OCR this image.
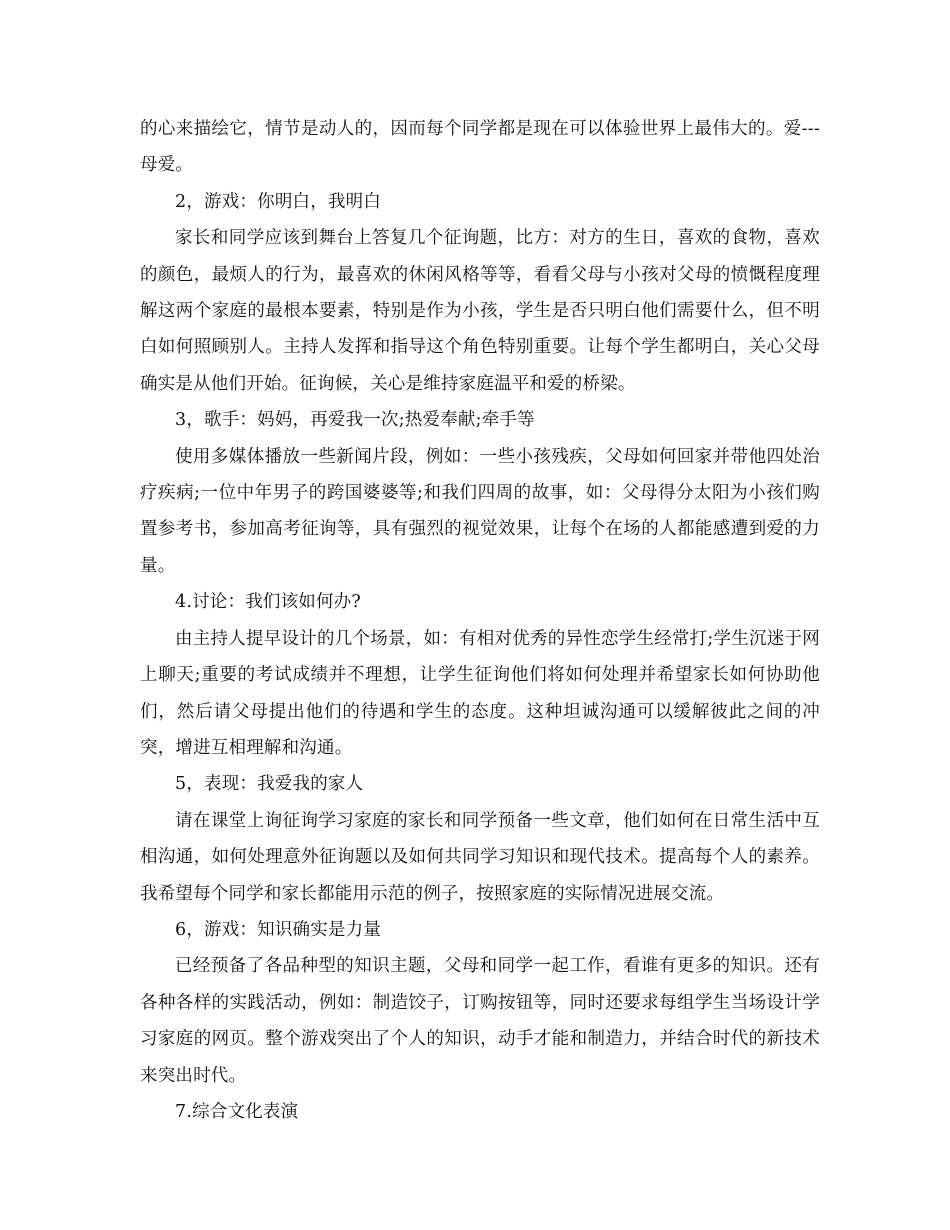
的心来描绘它，情节是动人的，因而每个同学都是现在可以体验世界上最伟大的。爱---母爱。

2，游戏：你明白，我明白

家长和同学应该到舞台上答复几个征询题，比方：对方的生日，喜欢的食物，喜欢的颜色，最烦人的行为，最喜欢的休闲风格等等，看看父母与小孩对父母的愤慨程度理解这两个家庭的最根本要素，特别是作为小孩，学生是否只明白他们需要什么，但不明白如何照顾别人。主持人发挥和指导这个角色特别重要。让每个学生都明白，关心父母确实是从他们开始。征询候，关心是维持家庭温平和爱的桥梁。

3，歌手：妈妈，再爱我一次;热爱奉献;牵手等

使用多媒体播放一些新闻片段，例如：一些小孩残疾，父母如何回家并带他四处治疗疾病;一位中年男子的跨国婆婆等;和我们四周的故事，如：父母得分太阳为小孩们购置参考书，参加高考征询等，具有强烈的视觉效果，让每个在场的人都能感遭到爱的力量。

4.讨论：我们该如何办?

由主持人提早设计的几个场景，如：有相对优秀的异性恋学生经常打;学生沉迷于网上聊天;重要的考试成绩并不理想，让学生征询他们将如何处理并希望家长如何协助他们，然后请父母提出他们的待遇和学生的态度。这种坦诚沟通可以缓解彼此之间的冲突，增进互相理解和沟通。

5，表现：我爱我的家人

请在课堂上询征询学习家庭的家长和同学预备一些文章，他们如何在日常生活中互相沟通，如何处理意外征询题以及如何共同学习知识和现代技术。提高每个人的素养。我希望每个同学和家长都能用示范的例子，按照家庭的实际情况进展交流。

6，游戏：知识确实是力量

已经预备了各品种型的知识主题，父母和同学一起工作，看谁有更多的知识。还有各种各样的实践活动，例如：制造饺子，订购按钮等，同时还要求每组学生当场设计学习家庭的网页。整个游戏突出了个人的知识，动手才能和制造力，并结合时代的新技术来突出时代。

7.综合文化表演
